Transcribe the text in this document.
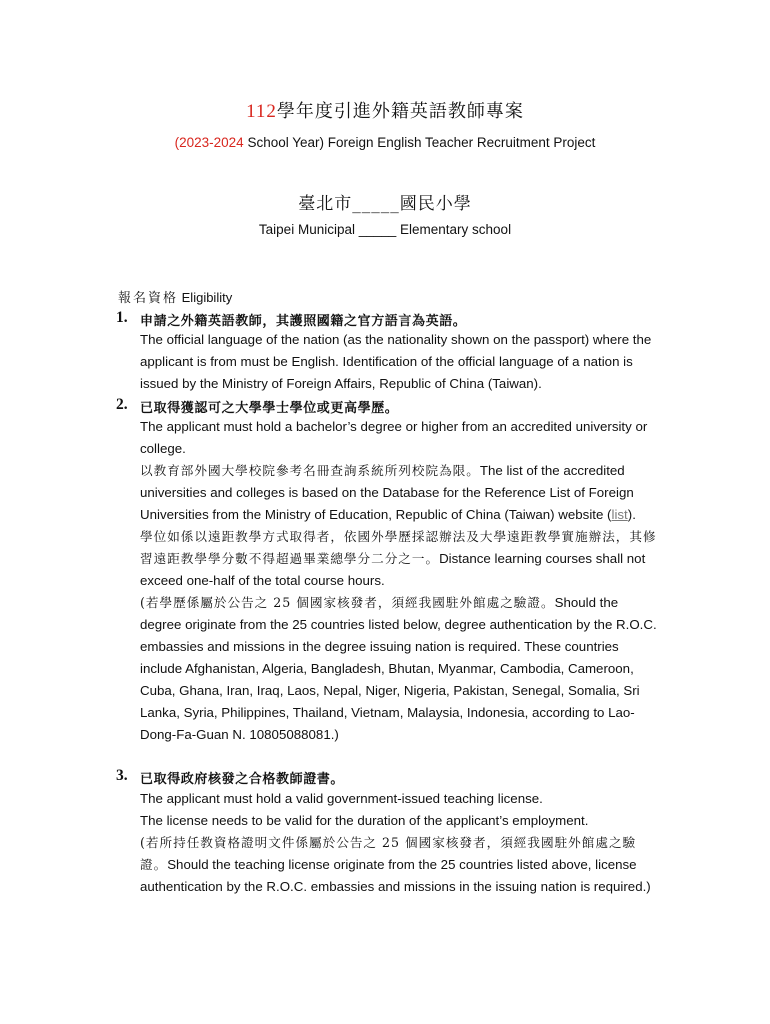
112學年度引進外籍英語教師專案
(2023-2024 School Year) Foreign English Teacher Recruitment Project
臺北市_____國民小學
Taipei Municipal _____ Elementary school
報名資格 Eligibility
1. 申請之外籍英語教師，其護照國籍之官方語言為英語。
The official language of the nation (as the nationality shown on the passport) where the applicant is from must be English. Identification of the official language of a nation is issued by the Ministry of Foreign Affairs, Republic of China (Taiwan).
2. 已取得獲認可之大學學士學位或更高學歷。
The applicant must hold a bachelor’s degree or higher from an accredited university or college.
以教育部外國大學校院參考名冊查詢系統所列校院為限。The list of the accredited universities and colleges is based on the Database for the Reference List of Foreign Universities from the Ministry of Education, Republic of China (Taiwan) website (list).
學位如係以遠距教學方式取得者，依國外學歷採認辦法及大學遠距教學實施辦法，其修習遠距教學學分數不得超過畢業總學分二分之一。Distance learning courses shall not exceed one-half of the total course hours.
(若學歷係屬於公告之 25 個國家核發者，須經我國駐外館處之驗證。Should the degree originate from the 25 countries listed below, degree authentication by the R.O.C. embassies and missions in the degree issuing nation is required. These countries include Afghanistan, Algeria, Bangladesh, Bhutan, Myanmar, Cambodia, Cameroon, Cuba, Ghana, Iran, Iraq, Laos, Nepal, Niger, Nigeria, Pakistan, Senegal, Somalia, Sri Lanka, Syria, Philippines, Thailand, Vietnam, Malaysia, Indonesia, according to Lao-Dong-Fa-Guan N. 10805088081.)
3. 已取得政府核發之合格教師證書。
The applicant must hold a valid government-issued teaching license.
The license needs to be valid for the duration of the applicant’s employment.
(若所持任教資格證明文件係屬於公告之 25 個國家核發者，須經我國駐外館處之驗證。Should the teaching license originate from the 25 countries listed above, license authentication by the R.O.C. embassies and missions in the issuing nation is required.)
